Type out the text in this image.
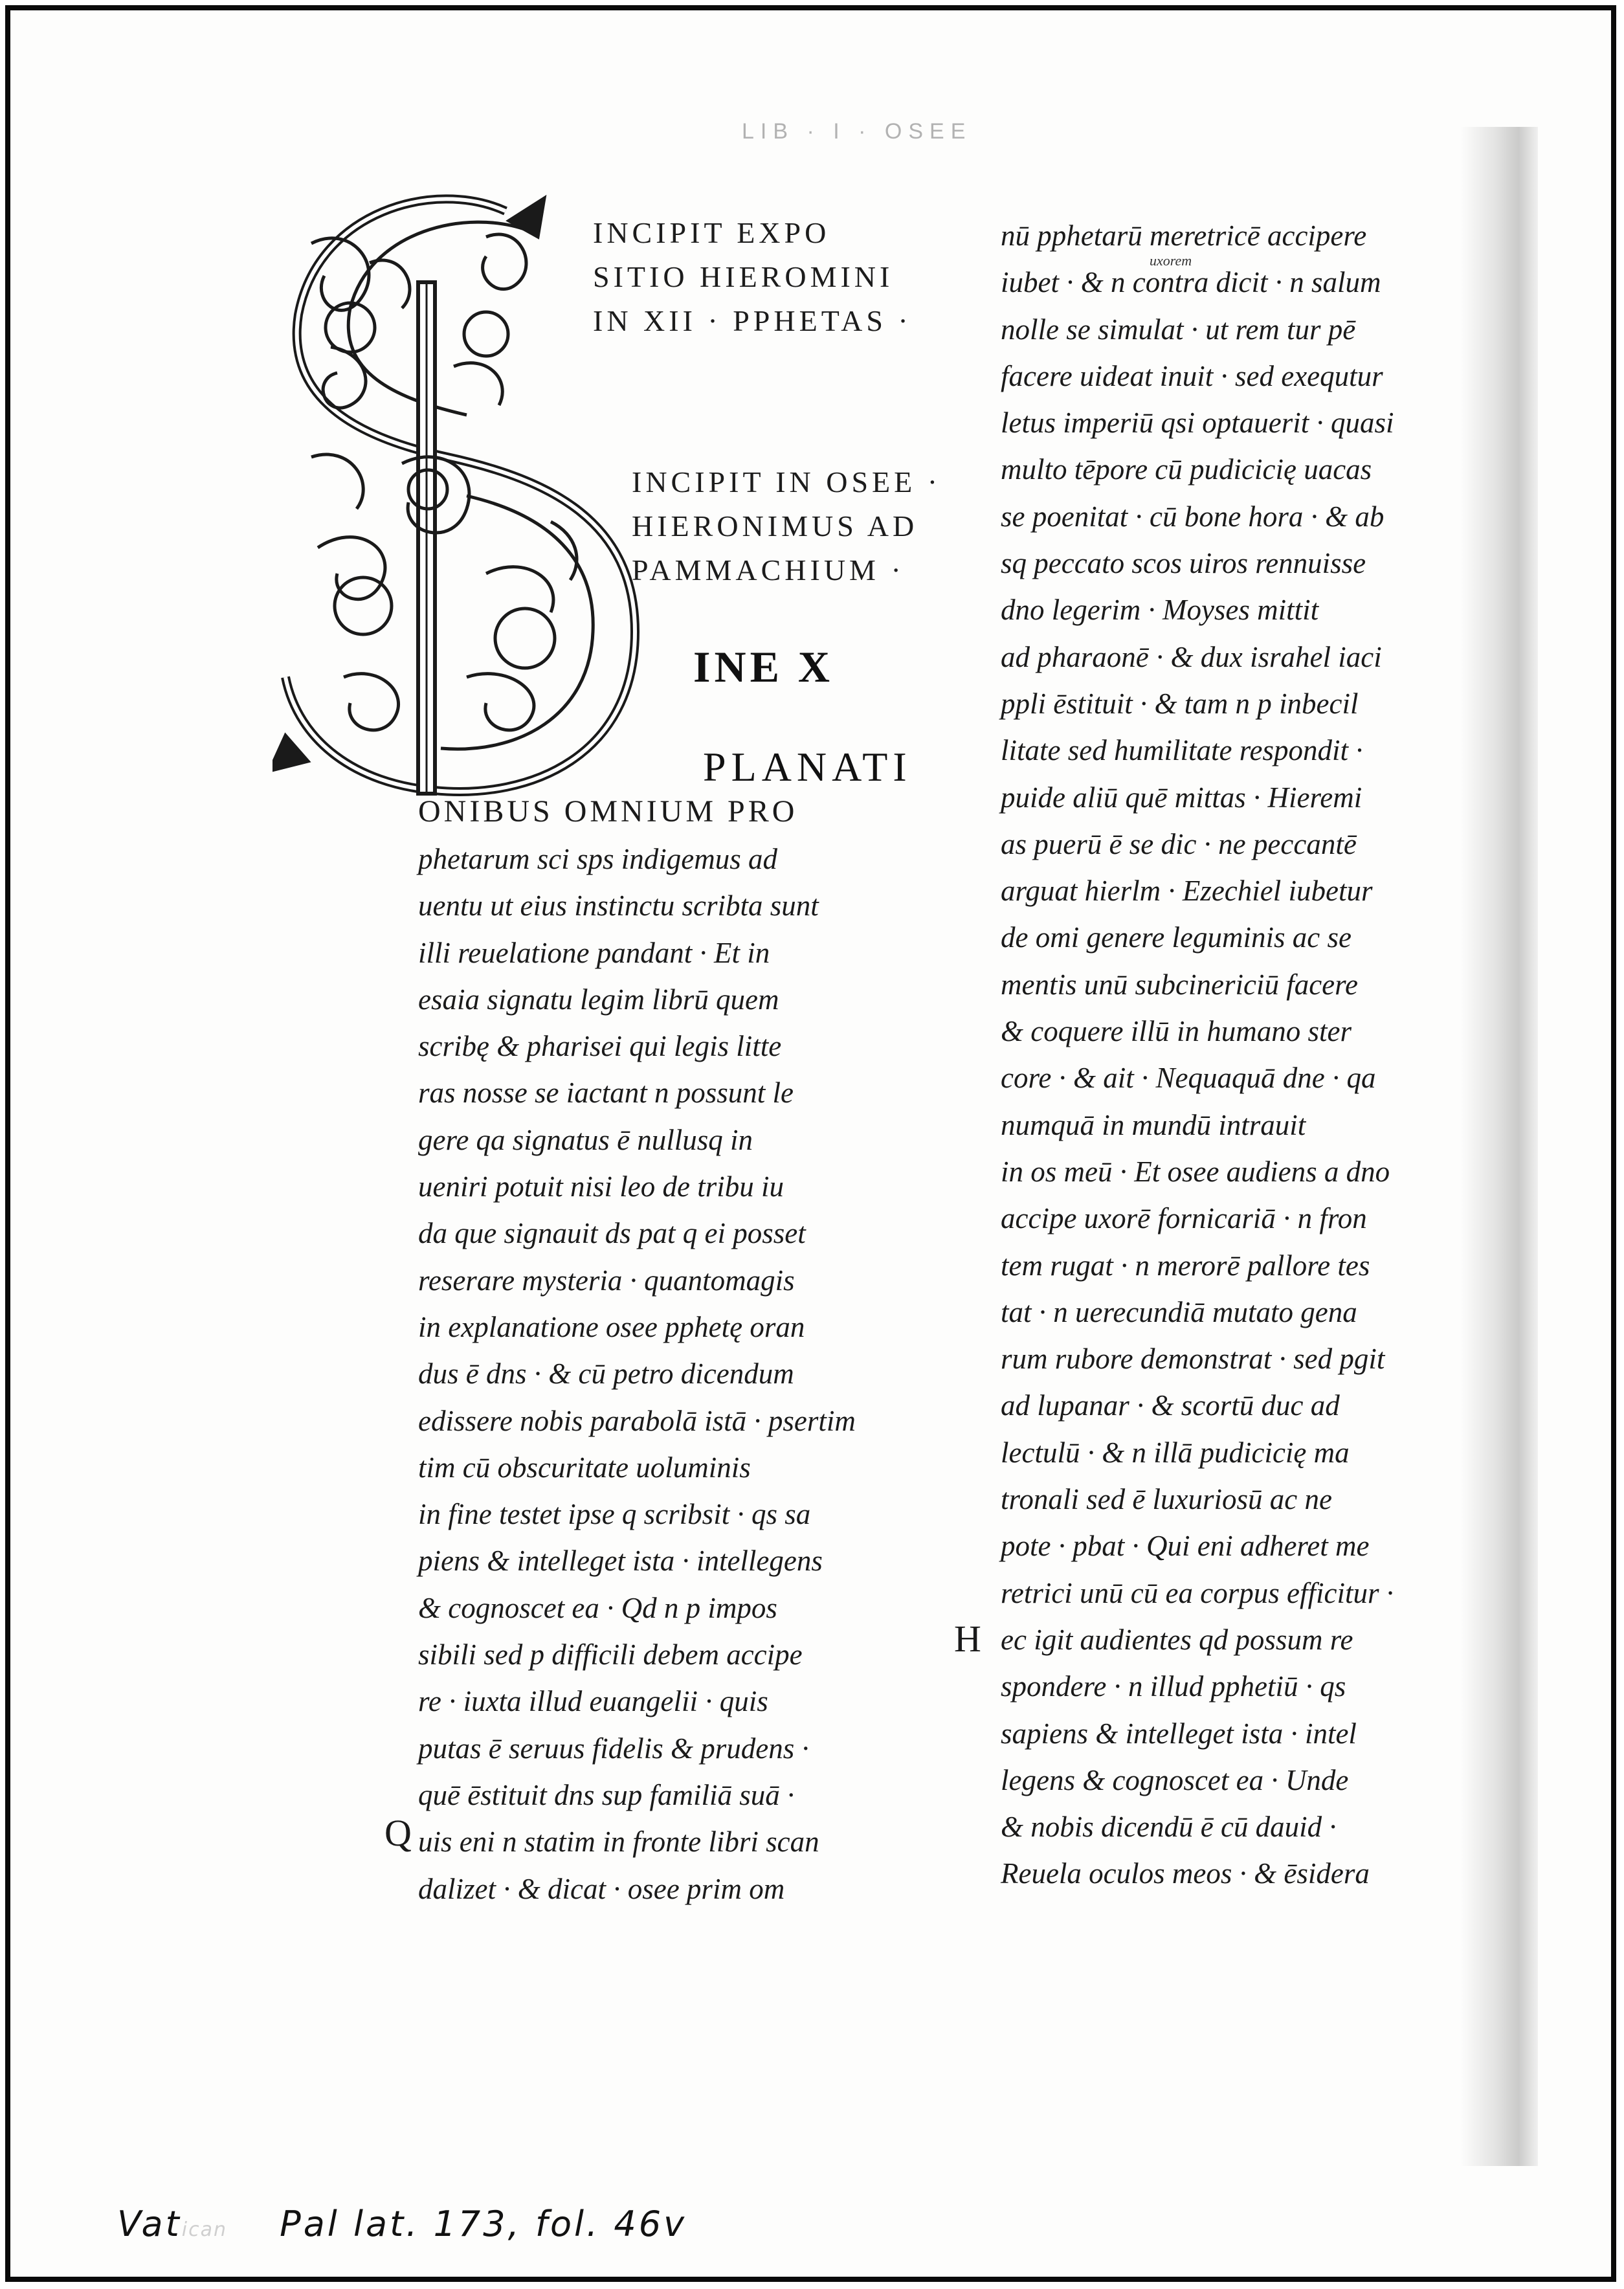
LIB · I · OSEE
INCIPIT EXPO
SITIO HIEROMINI
IN XII · PPHETAS ·
INCIPIT IN OSEE ·
HIERONIMUS AD
PAMMACHIUM ·
INE X
PLANATI
ONIBUS OMNIUM PRO
phetarum sci sps indigemus ad
uentu ut eius instinctu scribta sunt
illi reuelatione pandant · Et in
esaia signatu legim librū quem
scribę & pharisei qui legis litte
ras nosse se iactant n possunt le
gere qa signatus ē nullusq in
ueniri potuit nisi leo de tribu iu
da que signauit ds pat q ei posset
reserare mysteria · quantomagis
in explanatione osee pphetę oran
dus ē dns · & cū petro dicendum
edissere nobis parabolā istā · psertim
tim cū obscuritate uoluminis
in fine testet ipse q scribsit · qs sa
piens & intelleget ista · intellegens
& cognoscet ea · Qd n p impos
sibili sed p difficili debem accipe
re · iuxta illud euangelii · quis
putas ē seruus fidelis & prudens ·
quē ēstituit dns sup familiā suā ·
uis eni n statim in fronte libri scan
dalizet · & dicat · osee prim om
Q
uxorem
nū pphetarū meretricē accipere
iubet · & n contra dicit · n salum
nolle se simulat · ut rem tur pē
facere uideat inuit · sed exequtur
letus imperiū qsi optauerit · quasi
multo tēpore cū pudicicię uacas
se poenitat · cū bone hora · & ab
sq peccato scos uiros rennuisse
dno legerim · Moyses mittit
ad pharaonē · & dux israhel iaci
ppli ēstituit · & tam n p inbecil
litate sed humilitate respondit ·
puide aliū quē mittas · Hieremi
as puerū ē se dic · ne peccantē
arguat hierlm · Ezechiel iubetur
de omi genere leguminis ac se
mentis unū subcinericiū facere
& coquere illū in humano ster
core · & ait · Nequaquā dne · qa
numquā in mundū intrauit
in os meū · Et osee audiens a dno
accipe uxorē fornicariā · n fron
tem rugat · n merorē pallore tes
tat · n uerecundiā mutato gena
rum rubore demonstrat · sed pgit
ad lupanar · & scortū duc ad
lectulū · & n illā pudicicię ma
tronali sed ē luxuriosū ac ne
pote · pbat · Qui eni adheret me
retrici unū cū ea corpus efficitur ·
ec igit audientes qd possum re
spondere · n illud pphetiū · qs
sapiens & intelleget ista · intel
legens & cognoscet ea · Unde
& nobis dicendū ē cū dauid ·
Reuela oculos meos · & ēsidera
H
Vatican Pal lat. 173, fol. 46v
